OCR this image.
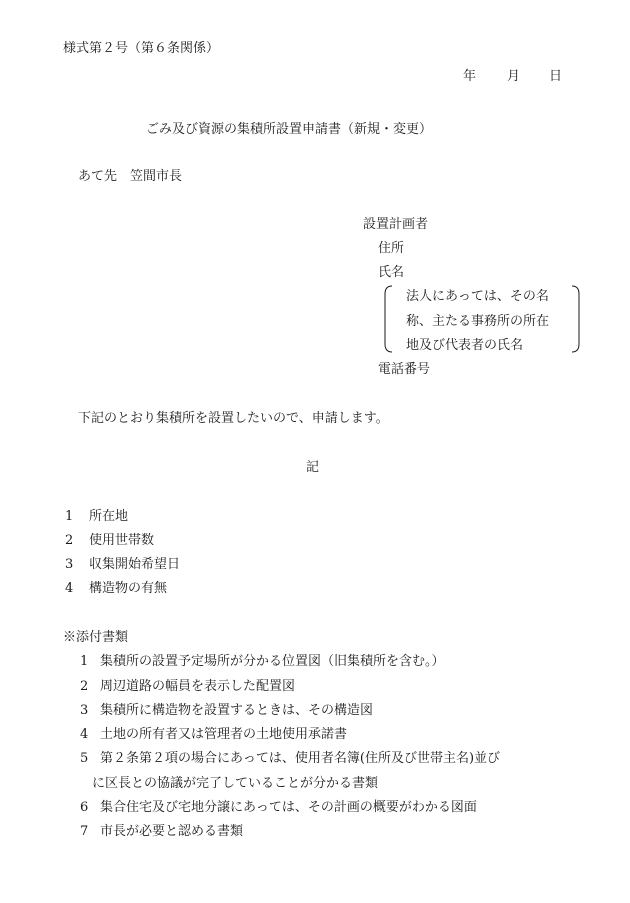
様式第２号（第６条関係）
年 月 日
ごみ及び資源の集積所設置申請書（新規・変更）
あて先　笠間市長
設置計画者
住所
氏名
法人にあっては、その名
称、主たる事務所の所在
地及び代表者の氏名
電話番号
下記のとおり集積所を設置したいので、申請します。
記
1 所在地
2 使用世帯数
3 収集開始希望日
4 構造物の有無
※添付書類
1 集積所の設置予定場所が分かる位置図（旧集積所を含む。）
2 周辺道路の幅員を表示した配置図
3 集積所に構造物を設置するときは、その構造図
4 土地の所有者又は管理者の土地使用承諾書
5 第２条第２項の場合にあっては、使用者名簿(住所及び世帯主名)並び
に区長との協議が完了していることが分かる書類
6 集合住宅及び宅地分譲にあっては、その計画の概要がわかる図面
7 市長が必要と認める書類
